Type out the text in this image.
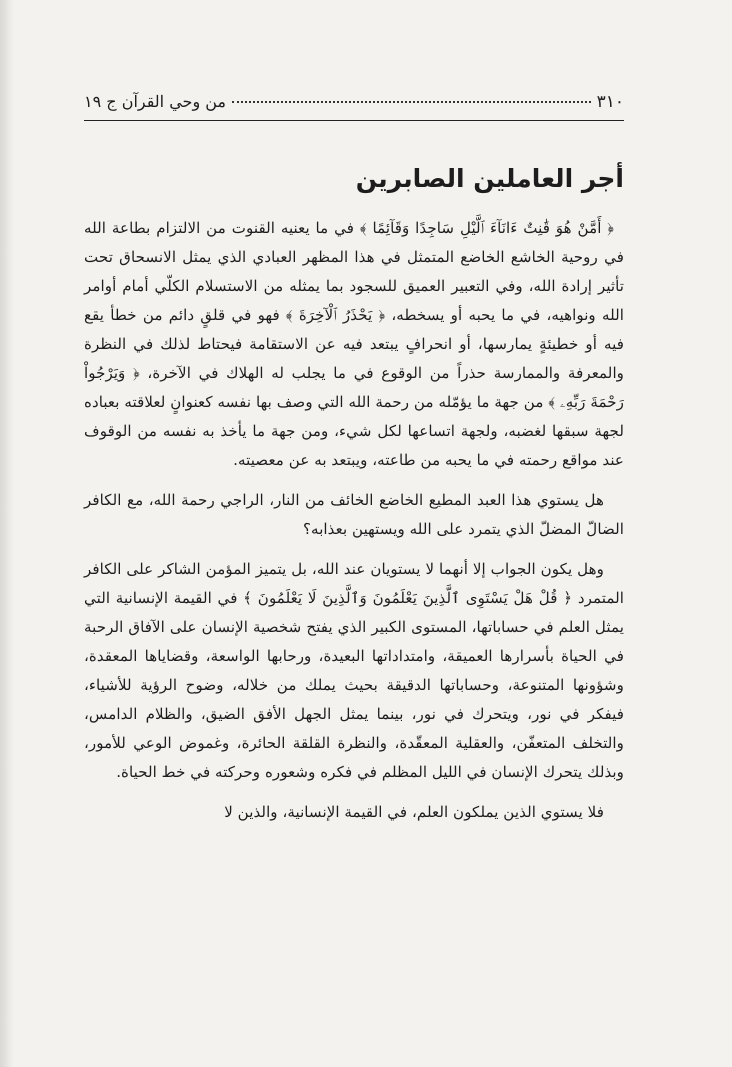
٣١٠
من وحي القرآن ج ١٩
أجر العاملين الصابرين

﴿ أَمَّنْ هُوَ قَٰنِتٌ ءَانَآءَ ٱلَّيْلِ سَاجِدًا وَقَآئِمًا ﴾ في ما يعنيه القنوت من الالتزام بطاعة الله في روحية الخاشع الخاضع المتمثل في هذا المظهر العبادي الذي يمثل الانسحاق تحت تأثير إرادة الله، وفي التعبير العميق للسجود بما يمثله من الاستسلام الكلّي أمام أوامر الله ونواهيه، في ما يحبه أو يسخطه، ﴿ يَحْذَرُ ٱلْآخِرَةَ ﴾ فهو في قلقٍ دائم من خطأ يقع فيه أو خطيئةٍ يمارسها، أو انحرافٍ يبتعد فيه عن الاستقامة فيحتاط لذلك في النظرة والمعرفة والممارسة حذراً من الوقوع في ما يجلب له الهلاك في الآخرة، ﴿ وَيَرْجُواْ رَحْمَةَ رَبِّهِۦ ﴾ من جهة ما يؤمّله من رحمة الله التي وصف بها نفسه كعنوانٍ لعلاقته بعباده لجهة سبقها لغضبه، ولجهة اتساعها لكل شيء، ومن جهة ما يأخذ به نفسه من الوقوف عند مواقع رحمته في ما يحبه من طاعته، ويبتعد به عن معصيته.

هل يستوي هذا العبد المطيع الخاضع الخائف من النار، الراجي رحمة الله، مع الكافر الضالّ المضلّ الذي يتمرد على الله ويستهين بعذابه؟

وهل يكون الجواب إلا أنهما لا يستويان عند الله، بل يتميز المؤمن الشاكر على الكافر المتمرد ﴿ قُلْ هَلْ يَسْتَوِى ٱلَّذِينَ يَعْلَمُونَ وَٱلَّذِينَ لَا يَعْلَمُونَ ﴾ في القيمة الإنسانية التي يمثل العلم في حساباتها، المستوى الكبير الذي يفتح شخصية الإنسان على الآفاق الرحبة في الحياة بأسرارها العميقة، وامتداداتها البعيدة، ورحابها الواسعة، وقضاياها المعقدة، وشؤونها المتنوعة، وحساباتها الدقيقة بحيث يملك من خلاله، وضوح الرؤية للأشياء، فيفكر في نور، ويتحرك في نور، بينما يمثل الجهل الأفق الضيق، والظلام الدامس، والتخلف المتعفّن، والعقلية المعقّدة، والنظرة القلقة الحائرة، وغموض الوعي للأمور، وبذلك يتحرك الإنسان في الليل المظلم في فكره وشعوره وحركته في خط الحياة.

فلا يستوي الذين يملكون العلم، في القيمة الإنسانية، والذين لا
